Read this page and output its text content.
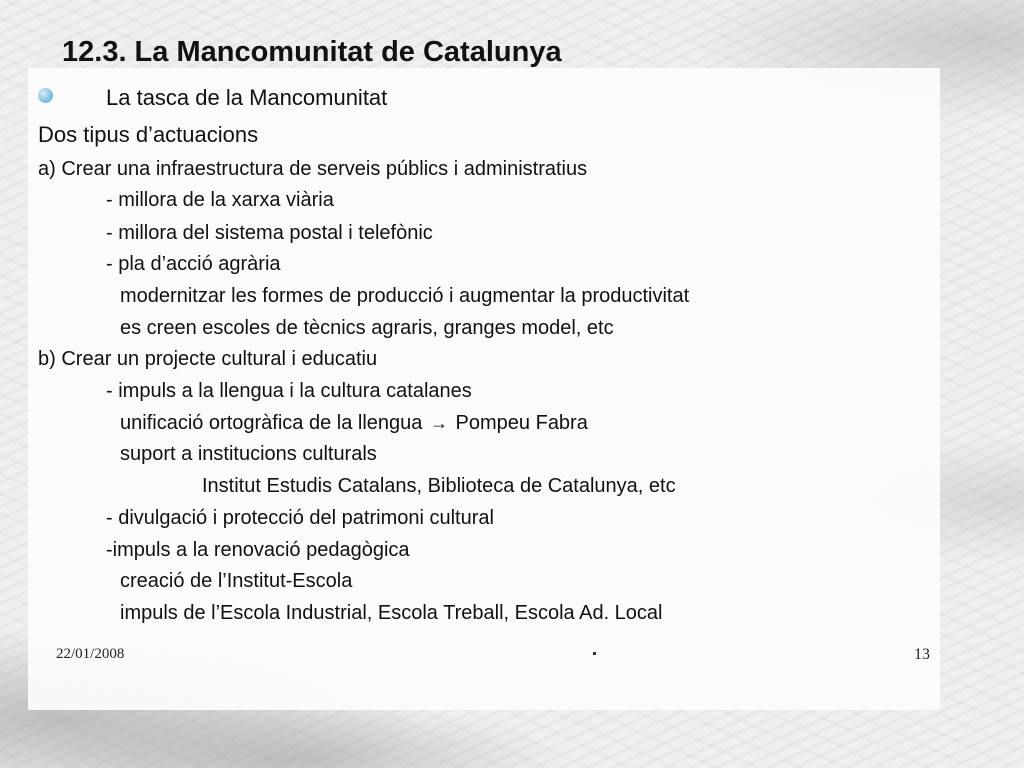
12.3. La Mancomunitat de Catalunya
La tasca de la Mancomunitat
Dos tipus d’actuacions
a) Crear una infraestructura de serveis públics i administratius
- millora de la xarxa viària
- millora del sistema postal i telefònic
- pla d’acció agrària
modernitzar les formes de producció i augmentar la productivitat
es creen escoles de tècnics agraris, granges model, etc
b) Crear un projecte cultural i educatiu
- impuls a la llengua i la cultura catalanes
unificació ortogràfica de la llengua → Pompeu Fabra
suport a institucions culturals
Institut Estudis Catalans, Biblioteca de Catalunya, etc
- divulgació i protecció del patrimoni cultural
-impuls a la renovació pedagògica
creació de l’Institut-Escola
impuls de l’Escola Industrial, Escola Treball, Escola Ad. Local
22/01/2008	13
